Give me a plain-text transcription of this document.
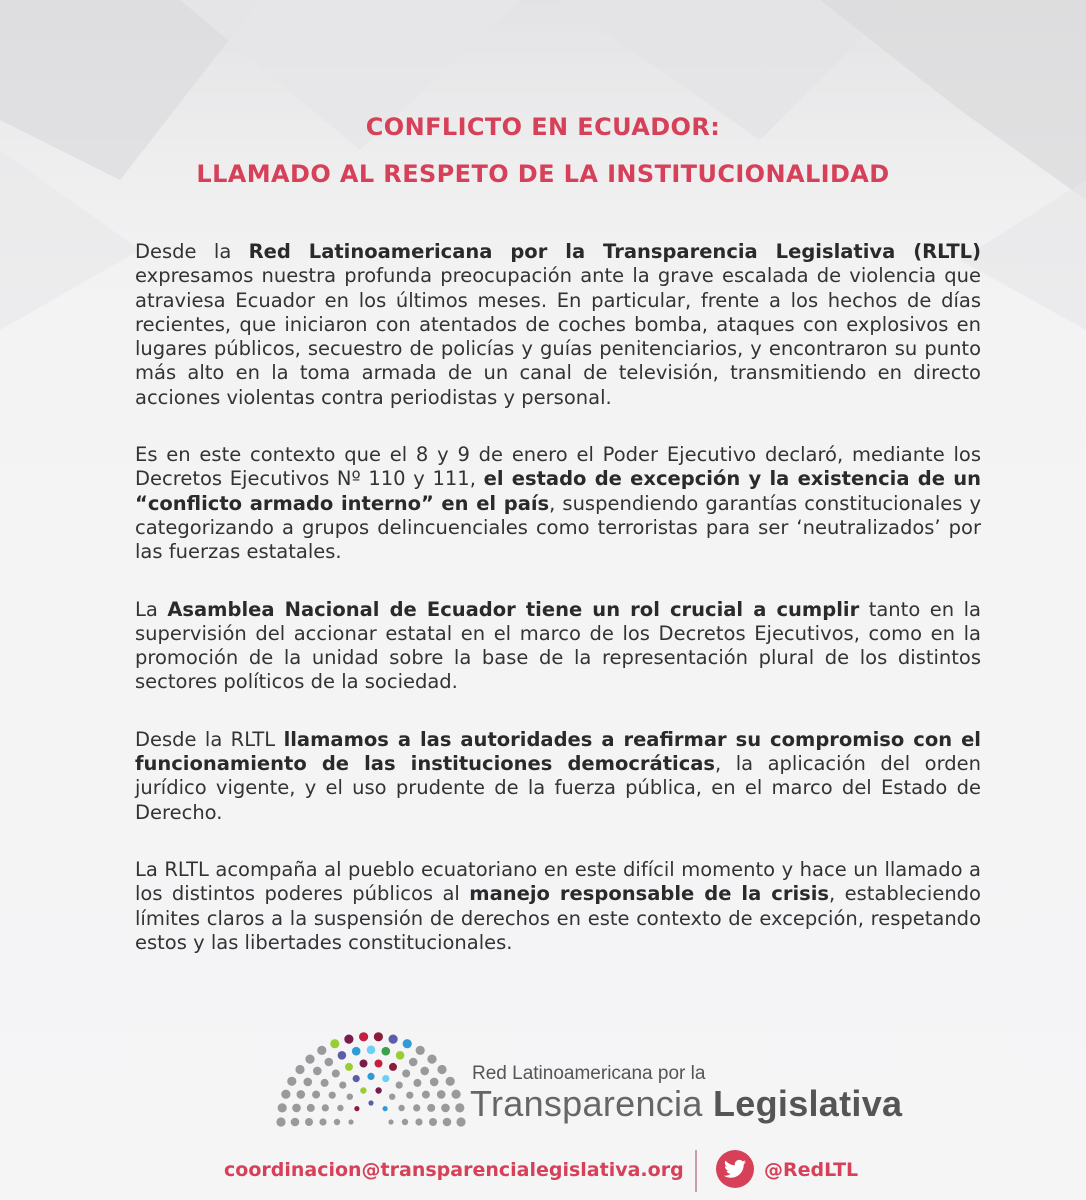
CONFLICTO EN ECUADOR:
LLAMADO AL RESPETO DE LA INSTITUCIONALIDAD

Desde la Red Latinoamericana por la Transparencia Legislativa (RLTL) expresamos nuestra profunda preocupación ante la grave escalada de violencia que atraviesa Ecuador en los últimos meses. En particular, frente a los hechos de días recientes, que iniciaron con atentados de coches bomba, ataques con explosivos en lugares públicos, secuestro de policías y guías penitenciarios, y encontraron su punto más alto en la toma armada de un canal de televisión, transmitiendo en directo acciones violentas contra periodistas y personal.

Es en este contexto que el 8 y 9 de enero el Poder Ejecutivo declaró, mediante los Decretos Ejecutivos Nº 110 y 111, el estado de excepción y la existencia de un “conflicto armado interno” en el país, suspendiendo garantías constitucionales y categorizando a grupos delincuenciales como terroristas para ser ‘neutralizados’ por las fuerzas estatales.

La Asamblea Nacional de Ecuador tiene un rol crucial a cumplir tanto en la supervisión del accionar estatal en el marco de los Decretos Ejecutivos, como en la promoción de la unidad sobre la base de la representación plural de los distintos sectores políticos de la sociedad.

Desde la RLTL llamamos a las autoridades a reafirmar su compromiso con el funcionamiento de las instituciones democráticas, la aplicación del orden jurídico vigente, y el uso prudente de la fuerza pública, en el marco del Estado de Derecho.

La RLTL acompaña al pueblo ecuatoriano en este difícil momento y hace un llamado a los distintos poderes públicos al manejo responsable de la crisis, estableciendo límites claros a la suspensión de derechos en este contexto de excepción, respetando estos y las libertades constitucionales.

Red Latinoamericana por la
Transparencia Legislativa
coordinacion@transparencialegislativa.org	@RedLTL
